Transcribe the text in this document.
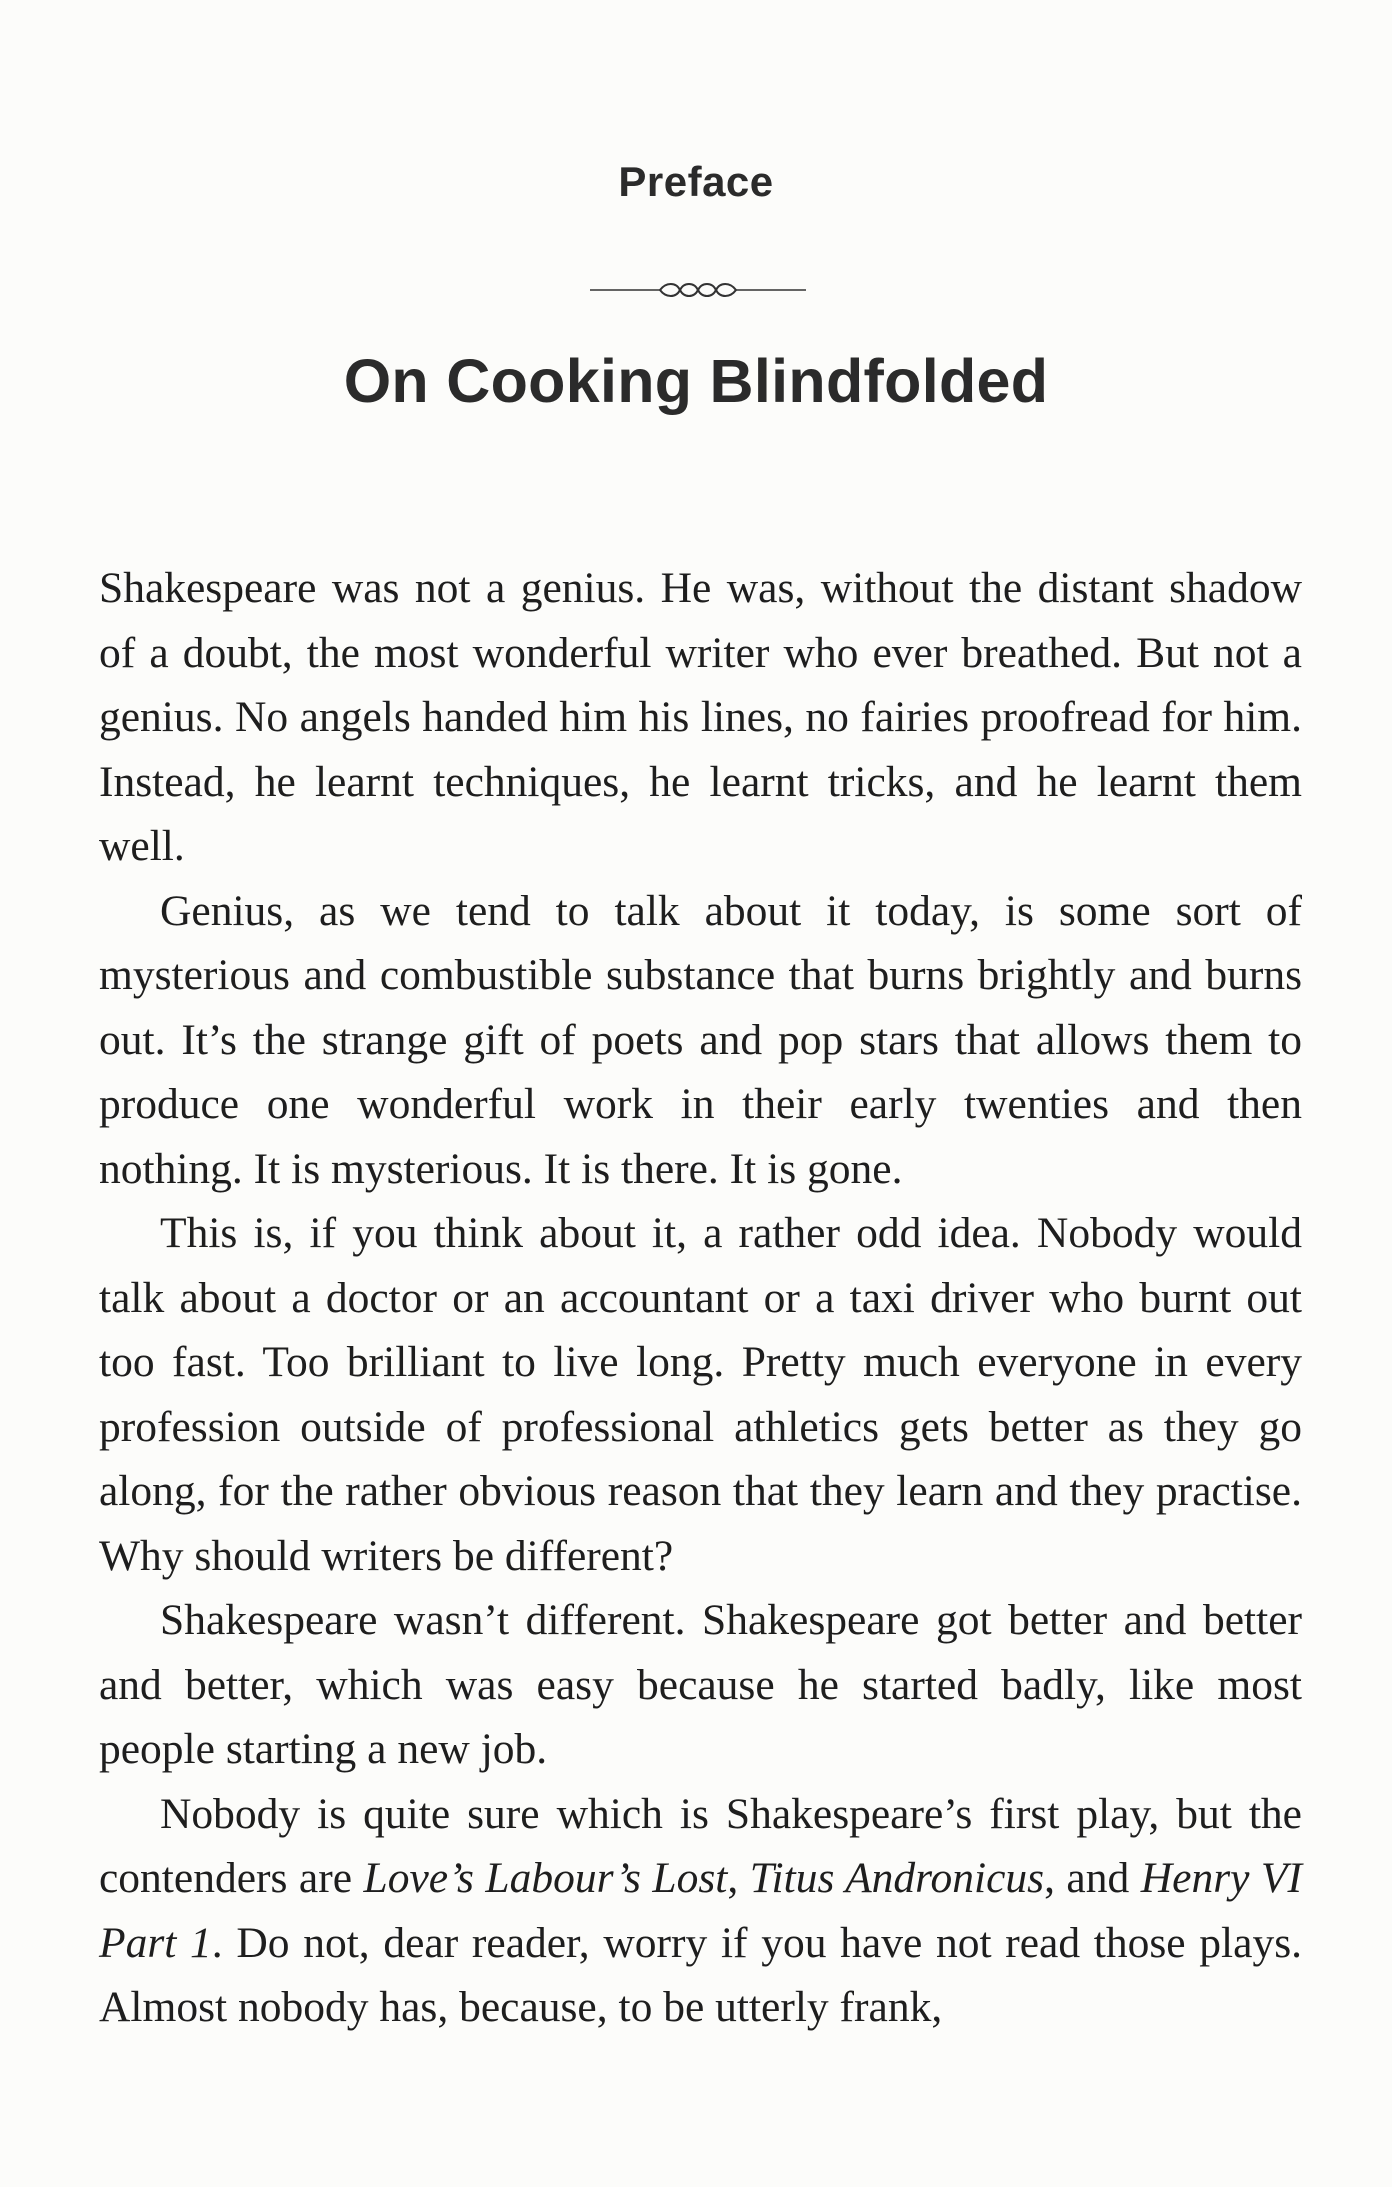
Preface
On Cooking Blindfolded

Shakespeare was not a genius. He was, without the distant shadow of a doubt, the most wonderful writer who ever breathed. But not a genius. No angels handed him his lines, no fairies proofread for him. Instead, he learnt techniques, he learnt tricks, and he learnt them well.

Genius, as we tend to talk about it today, is some sort of mysterious and combustible substance that burns brightly and burns out. It’s the strange gift of poets and pop stars that allows them to produce one wonderful work in their early twenties and then nothing. It is mysterious. It is there. It is gone.

This is, if you think about it, a rather odd idea. Nobody would talk about a doctor or an accountant or a taxi driver who burnt out too fast. Too brilliant to live long. Pretty much everyone in every profession outside of professional athletics gets better as they go along, for the rather obvious reason that they learn and they practise. Why should writers be different?

Shakespeare wasn’t different. Shakespeare got better and better and better, which was easy because he started badly, like most people starting a new job.

Nobody is quite sure which is Shakespeare’s first play, but the contenders are Love’s Labour’s Lost, Titus Andronicus, and Henry VI Part 1. Do not, dear reader, worry if you have not read those plays. Almost nobody has, because, to be utterly frank,
